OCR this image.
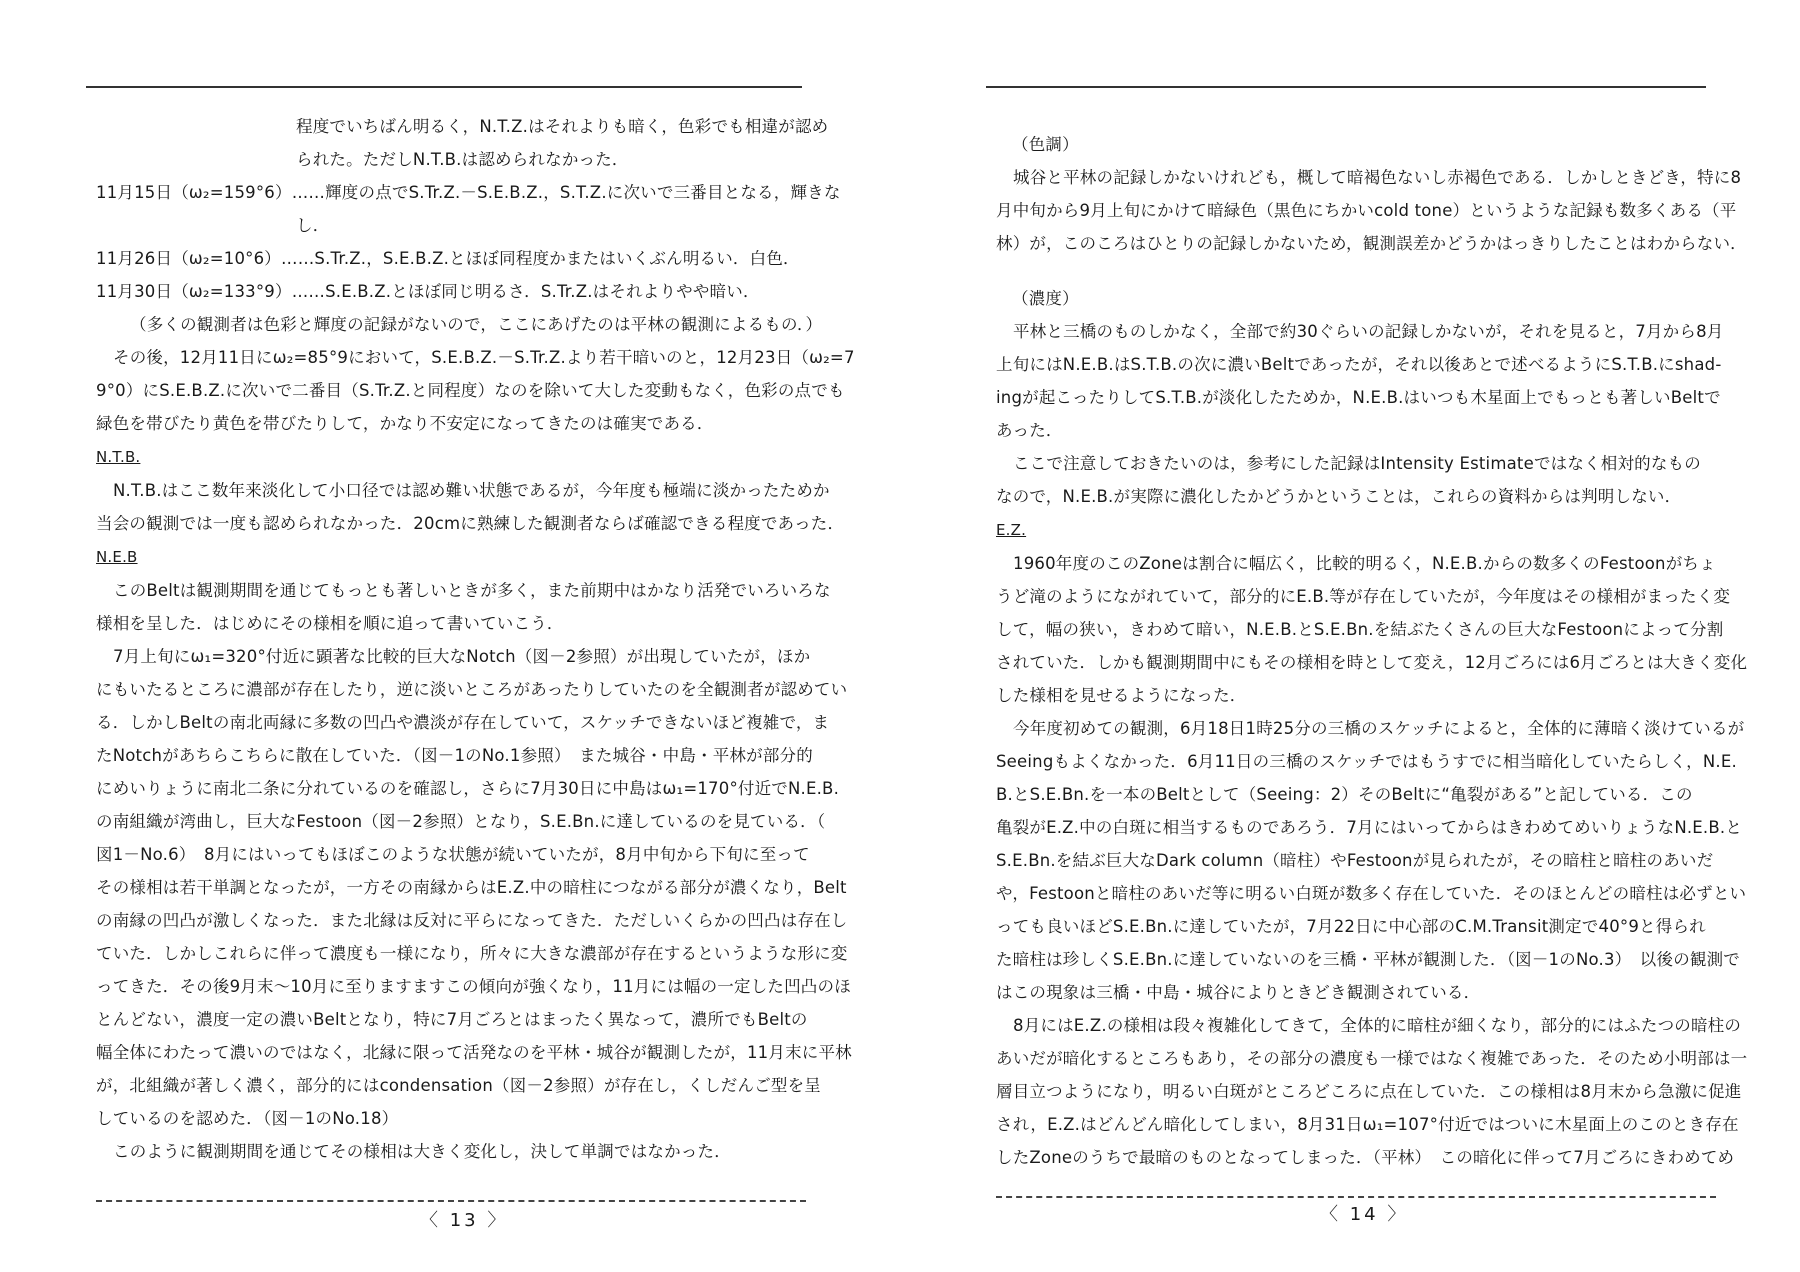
程度でいちばん明るく，N.T.Z.はそれよりも暗く，色彩でも相違が認め

られた。ただしN.T.B.は認められなかった．

11月15日（ω₂=159°6）……輝度の点でS.Tr.Z.－S.E.B.Z.，S.T.Z.に次いで三番目となる，輝きな

し．

11月26日（ω₂=10°6）……S.Tr.Z.，S.E.B.Z.とほぼ同程度かまたはいくぶん明るい．白色．

11月30日（ω₂=133°9）……S.E.B.Z.とほぼ同じ明るさ．S.Tr.Z.はそれよりやや暗い．

（多くの観測者は色彩と輝度の記録がないので，ここにあげたのは平林の観測によるもの．）

その後，12月11日にω₂=85°9において，S.E.B.Z.－S.Tr.Z.より若干暗いのと，12月23日（ω₂=7

9°0）にS.E.B.Z.に次いで二番目（S.Tr.Z.と同程度）なのを除いて大した変動もなく，色彩の点でも

緑色を帯びたり黄色を帯びたりして，かなり不安定になってきたのは確実である．

N.T.B.

N.T.B.はここ数年来淡化して小口径では認め難い状態であるが，今年度も極端に淡かったためか

当会の観測では一度も認められなかった．20cmに熟練した観測者ならば確認できる程度であった．

N.E.B

このBeltは観測期間を通じてもっとも著しいときが多く，また前期中はかなり活発でいろいろな

様相を呈した．はじめにその様相を順に追って書いていこう．

7月上旬にω₁=320°付近に顕著な比較的巨大なNotch（図－2参照）が出現していたが，ほか

にもいたるところに濃部が存在したり，逆に淡いところがあったりしていたのを全観測者が認めてい

る．しかしBeltの南北両縁に多数の凹凸や濃淡が存在していて，スケッチできないほど複雑で，ま

たNotchがあちらこちらに散在していた．（図－1のNo.1参照）　また城谷・中島・平林が部分的

にめいりょうに南北二条に分れているのを確認し，さらに7月30日に中島はω₁=170°付近でN.E.B.

の南組織が湾曲し，巨大なFestoon（図－2参照）となり，S.E.Bn.に達しているのを見ている．（

図1－No.6）　8月にはいってもほぼこのような状態が続いていたが，8月中旬から下旬に至って

その様相は若干単調となったが，一方その南縁からはE.Z.中の暗柱につながる部分が濃くなり，Belt

の南縁の凹凸が激しくなった．また北縁は反対に平らになってきた．ただしいくらかの凹凸は存在し

ていた．しかしこれらに伴って濃度も一様になり，所々に大きな濃部が存在するというような形に変

ってきた．その後9月末～10月に至りますますこの傾向が強くなり，11月には幅の一定した凹凸のほ

とんどない，濃度一定の濃いBeltとなり，特に7月ごろとはまったく異なって，濃所でもBeltの

幅全体にわたって濃いのではなく，北縁に限って活発なのを平林・城谷が観測したが，11月末に平林

が，北組織が著しく濃く，部分的にはcondensation（図－2参照）が存在し，くしだんご型を呈

しているのを認めた．（図－1のNo.18）

このように観測期間を通じてその様相は大きく変化し，決して単調ではなかった．

〈 13 〉

（色調）

城谷と平林の記録しかないけれども，概して暗褐色ないし赤褐色である．しかしときどき，特に8

月中旬から9月上旬にかけて暗緑色（黒色にちかいcold tone）というような記録も数多くある（平

林）が，このころはひとりの記録しかないため，観測誤差かどうかはっきりしたことはわからない．

（濃度）

平林と三橋のものしかなく，全部で約30ぐらいの記録しかないが，それを見ると，7月から8月

上旬にはN.E.B.はS.T.B.の次に濃いBeltであったが，それ以後あとで述べるようにS.T.B.にshad-

ingが起こったりしてS.T.B.が淡化したためか，N.E.B.はいつも木星面上でもっとも著しいBeltで

あった．

ここで注意しておきたいのは，参考にした記録はIntensity Estimateではなく相対的なもの

なので，N.E.B.が実際に濃化したかどうかということは，これらの資料からは判明しない．

E.Z.

1960年度のこのZoneは割合に幅広く，比較的明るく，N.E.B.からの数多くのFestoonがちょ

うど滝のようにながれていて，部分的にE.B.等が存在していたが，今年度はその様相がまったく変

して，幅の狭い，きわめて暗い，N.E.B.とS.E.Bn.を結ぶたくさんの巨大なFestoonによって分割

されていた．しかも観測期間中にもその様相を時として変え，12月ごろには6月ごろとは大きく変化

した様相を見せるようになった．

今年度初めての観測，6月18日1時25分の三橋のスケッチによると，全体的に薄暗く淡けているが

Seeingもよくなかった．6月11日の三橋のスケッチではもうすでに相当暗化していたらしく，N.E.

B.とS.E.Bn.を一本のBeltとして（Seeing：2）そのBeltに“亀裂がある”と記している．この

亀裂がE.Z.中の白斑に相当するものであろう．7月にはいってからはきわめてめいりょうなN.E.B.と

S.E.Bn.を結ぶ巨大なDark column（暗柱）やFestoonが見られたが，その暗柱と暗柱のあいだ

や，Festoonと暗柱のあいだ等に明るい白斑が数多く存在していた．そのほとんどの暗柱は必ずとい

っても良いほどS.E.Bn.に達していたが，7月22日に中心部のC.M.Transit測定で40°9と得られ

た暗柱は珍しくS.E.Bn.に達していないのを三橋・平林が観測した．（図－1のNo.3）　以後の観測で

はこの現象は三橋・中島・城谷によりときどき観測されている．

8月にはE.Z.の様相は段々複雑化してきて，全体的に暗柱が細くなり，部分的にはふたつの暗柱の

あいだが暗化するところもあり，その部分の濃度も一様ではなく複雑であった．そのため小明部は一

層目立つようになり，明るい白斑がところどころに点在していた．この様相は8月末から急激に促進

され，E.Z.はどんどん暗化してしまい，8月31日ω₁=107°付近ではついに木星面上のこのとき存在

したZoneのうちで最暗のものとなってしまった．（平林）　この暗化に伴って7月ごろにきわめてめ

〈 14 〉
